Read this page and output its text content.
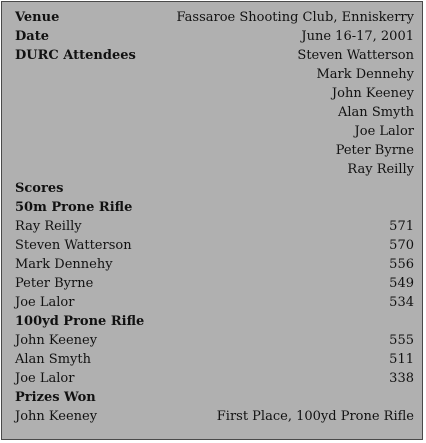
Venue	Fassaroe Shooting Club, Enniskerry
Date	June 16-17, 2001
DURC Attendees	Steven Watterson
	Mark Dennehy
	John Keeney
	Alan Smyth
	Joe Lalor
	Peter Byrne
	Ray Reilly
Scores	
50m Prone Rifle	
Ray Reilly	571
Steven Watterson	570
Mark Dennehy	556
Peter Byrne	549
Joe Lalor	534
100yd Prone Rifle	
John Keeney	555
Alan Smyth	511
Joe Lalor	338
Prizes Won	
John Keeney	First Place, 100yd Prone Rifle
